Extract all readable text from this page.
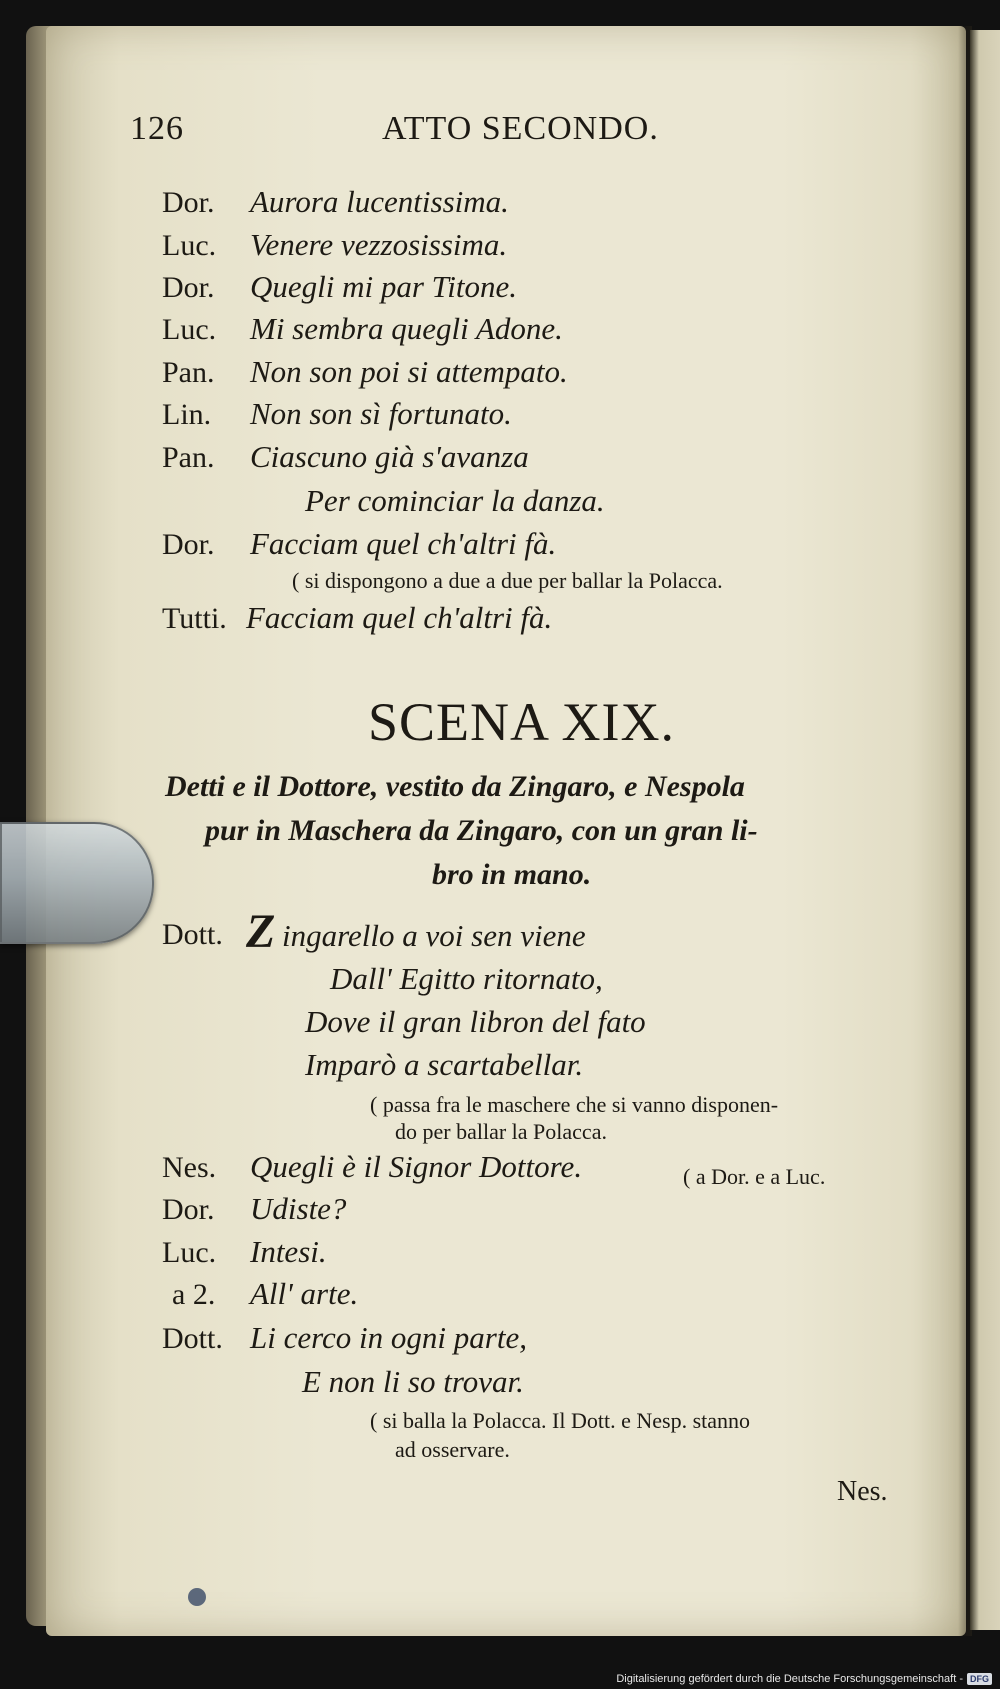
126	ATTO SECONDO.
Dor. Aurora lucentissima.
Luc. Venere vezzosissima.
Dor. Quegli mi par Titone.
Luc. Mi sembra quegli Adone.
Pan. Non son poi si attempato.
Lin. Non son sì fortunato.
Pan. Ciascuno già s'avanza
Per cominciar la danza.
Dor. Facciam quel ch'altri fà.
( si dispongono a due a due per ballar la Polacca.
Tutti. Facciam quel ch'altri fà.
SCENA XIX.
Detti e il Dottore, vestito da Zingaro, e Nespola
pur in Maschera da Zingaro, con un gran li-
bro in mano.
Dott. Z ingarello a voi sen viene
Dall' Egitto ritornato,
Dove il gran libron del fato
Imparò a scartabellar.
( passa fra le maschere che si vanno disponen-
do per ballar la Polacca.
Nes. Quegli è il Signor Dottore.	( a Dor. e a Luc.
Dor. Udiste?
Luc. Intesi.
a 2. All' arte.
Dott. Li cerco in ogni parte,
E non li so trovar.
( si balla la Polacca. Il Dott. e Nesp. stanno
ad osservare.
Nes.
Digitalisierung gefördert durch die Deutsche Forschungsgemeinschaft - DFG
